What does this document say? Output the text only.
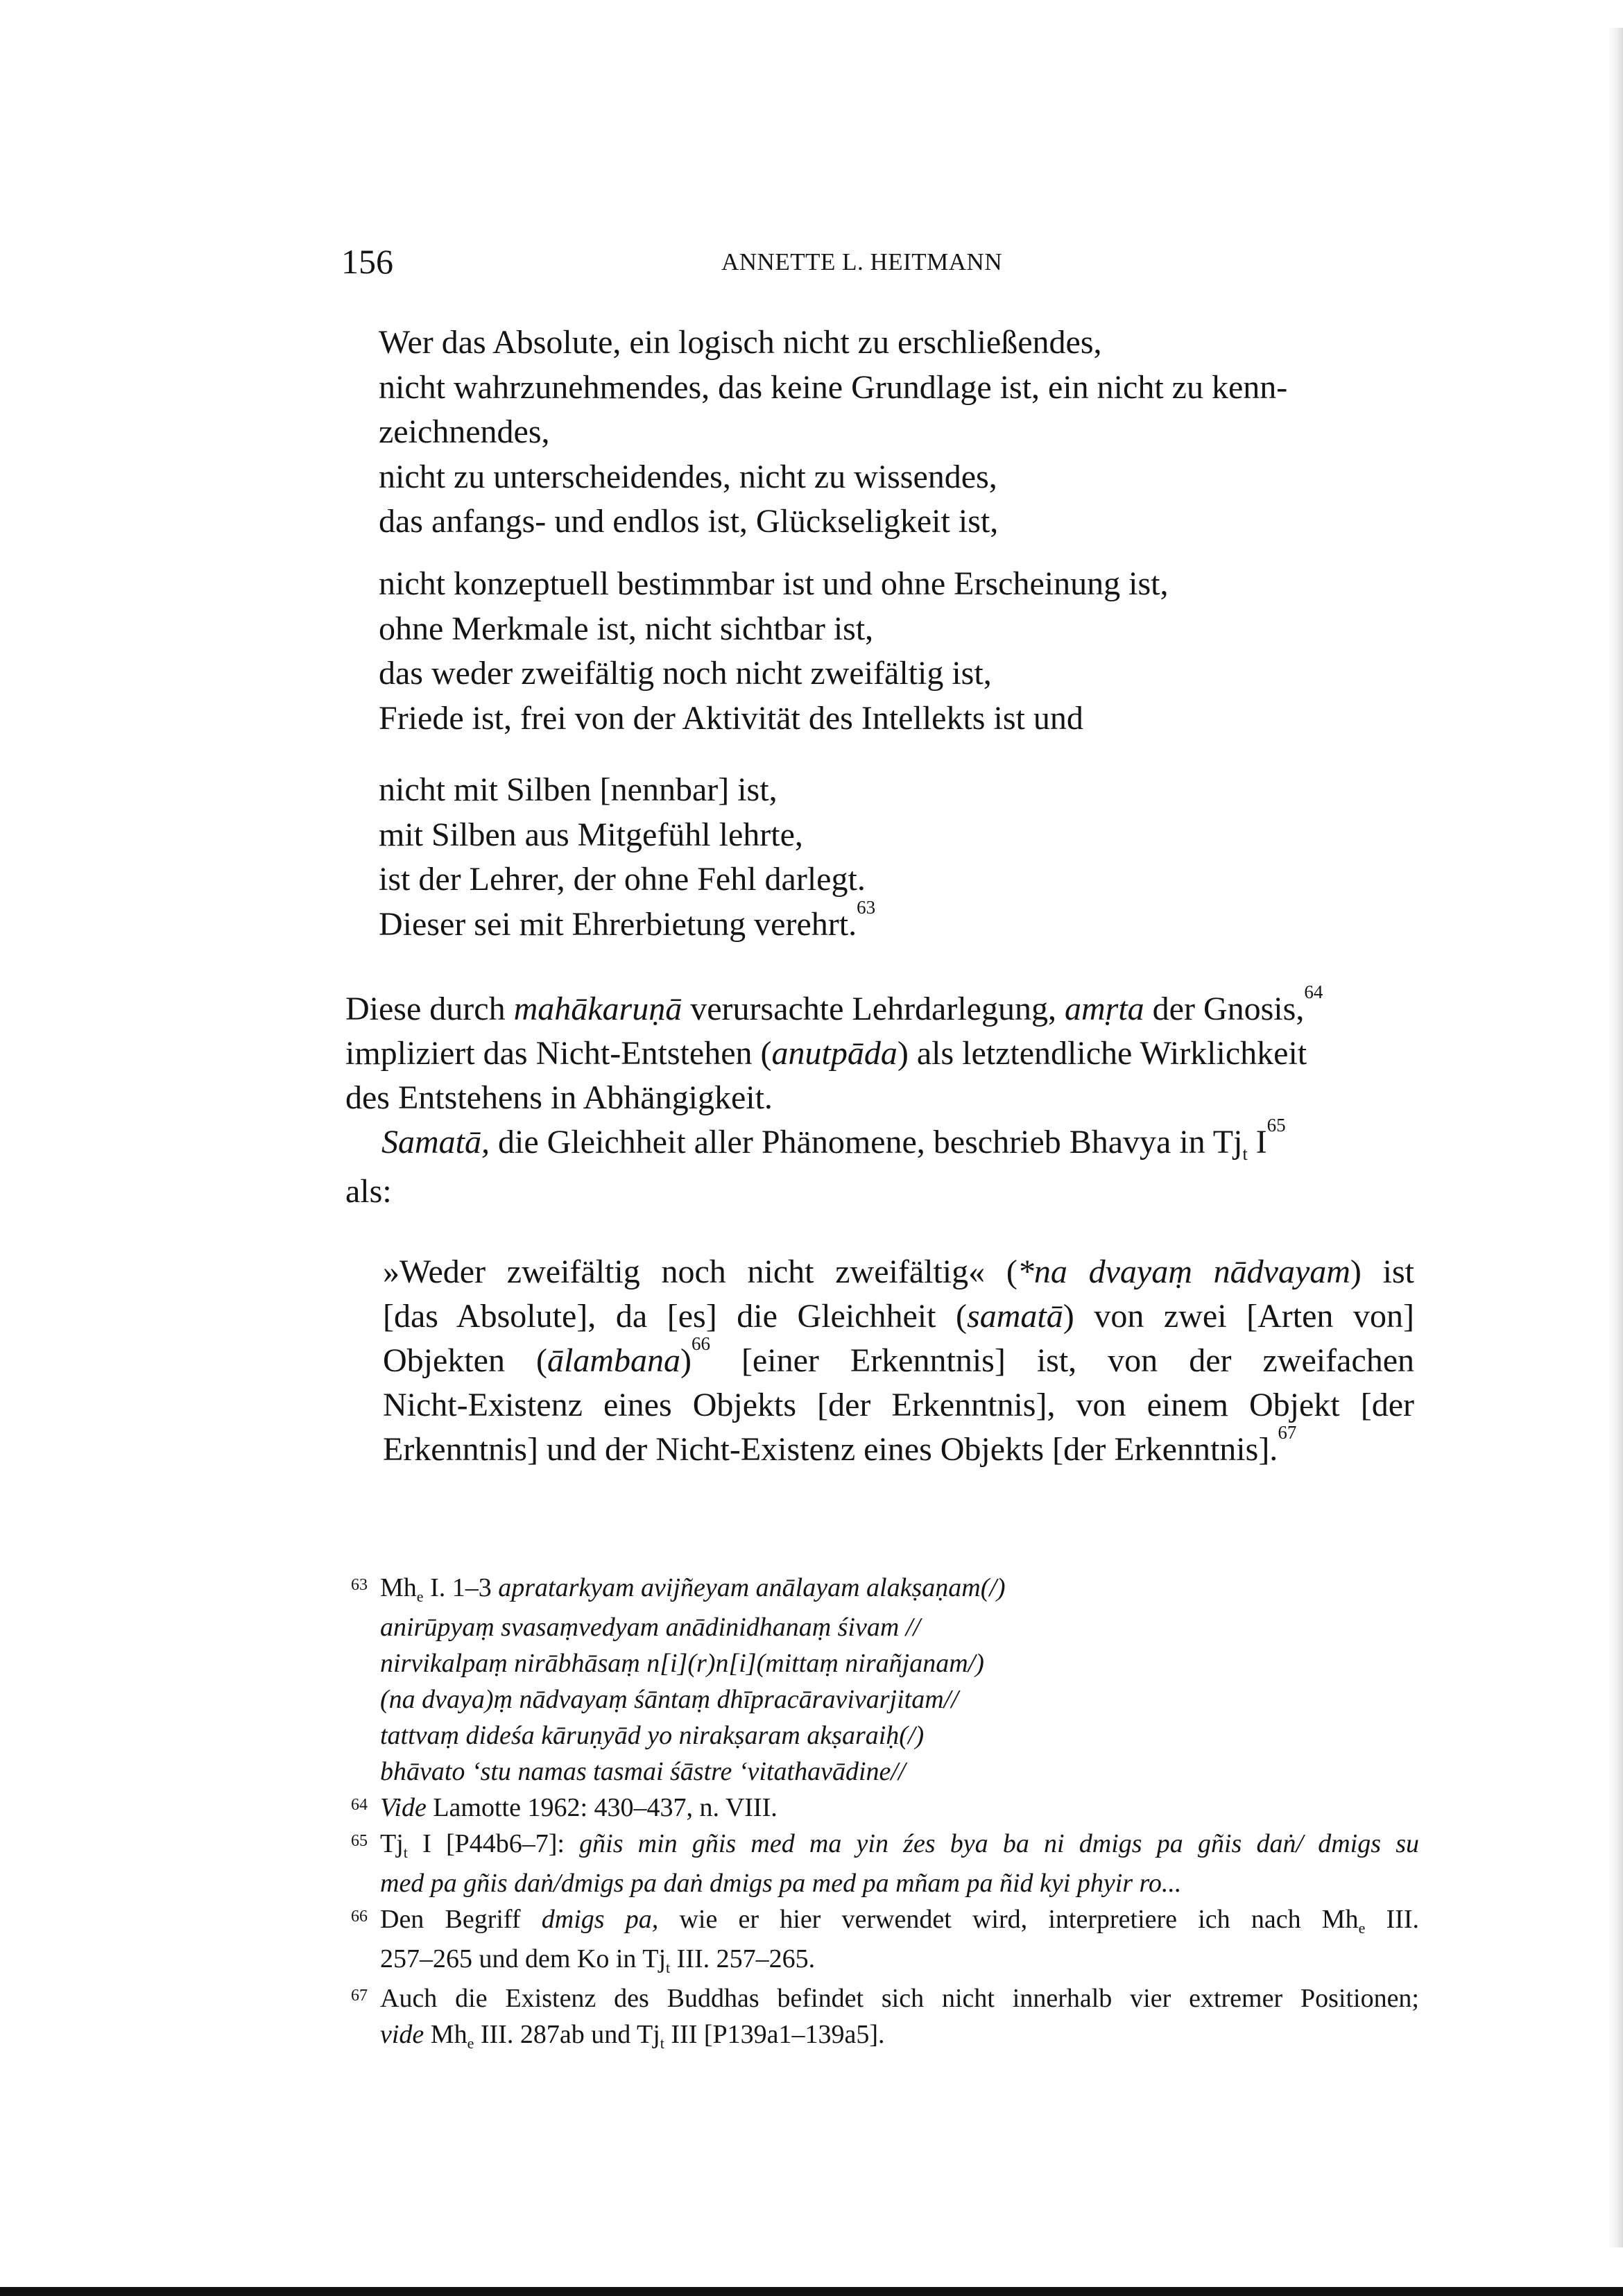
156	ANNETTE L. HEITMANN
Wer das Absolute, ein logisch nicht zu erschließendes,
nicht wahrzunehmendes, das keine Grundlage ist, ein nicht zu kenn-
zeichnendes,
nicht zu unterscheidendes, nicht zu wissendes,
das anfangs- und endlos ist, Glückseligkeit ist,
nicht konzeptuell bestimmbar ist und ohne Erscheinung ist,
ohne Merkmale ist, nicht sichtbar ist,
das weder zweifältig noch nicht zweifältig ist,
Friede ist, frei von der Aktivität des Intellekts ist und
nicht mit Silben [nennbar] ist,
mit Silben aus Mitgefühl lehrte,
ist der Lehrer, der ohne Fehl darlegt.
Dieser sei mit Ehrerbietung verehrt.$^{63}$
Diese durch mahākaruṇā verursachte Lehrdarlegung, amṛta der Gnosis,$^{64}$
impliziert das Nicht-Entstehen (anutpāda) als letztendliche Wirklichkeit
des Entstehens in Abhängigkeit.
Samatā, die Gleichheit aller Phänomene, beschrieb Bhavya in $Tj_t$ $I^{65}$
als:
»Weder zweifältig noch nicht zweifältig« (*na dvayaṃ nādvayam) ist
[das Absolute], da [es] die Gleichheit (samatā) von zwei [Arten von]
Objekten (ālambana)$^{66}$ [einer Erkenntnis] ist, von der zweifachen
Nicht-Existenz eines Objekts [der Erkenntnis], von einem Objekt [der
Erkenntnis] und der Nicht-Existenz eines Objekts [der Erkenntnis].$^{67}$
63 $Mh_e$ I. 1–3 apratarkyam avijñeyam anālayam alakṣaṇam(/)
anirūpyaṃ svasaṃvedyam anādinidhanaṃ śivam //
nirvikalpaṃ nirābhāsaṃ n[i](r)n[i](mittaṃ nirañjanam/)
(na dvaya)ṃ nādvayaṃ śāntaṃ dhīpracāravivarjitam//
tattvaṃ dideśa kāruṇyād yo nirakṣaram akṣaraiḥ(/)
bhāvato ‘stu namas tasmai śāstre ‘vitathavādine//
64 Vide Lamotte 1962: 430–437, n. VIII.
65 $Tj_t$ I [P44b6–7]: gñis min gñis med ma yin źes bya ba ni dmigs pa gñis daṅ/ dmigs su
med pa gñis daṅ/dmigs pa daṅ dmigs pa med pa mñam pa ñid kyi phyir ro...
66 Den Begriff dmigs pa, wie er hier verwendet wird, interpretiere ich nach $Mh_e$ III.
257–265 und dem Ko in $Tj_t$ III. 257–265.
67 Auch die Existenz des Buddhas befindet sich nicht innerhalb vier extremer Positionen;
vide $Mh_e$ III. 287ab und $Tj_t$ III [P139a1–139a5].
